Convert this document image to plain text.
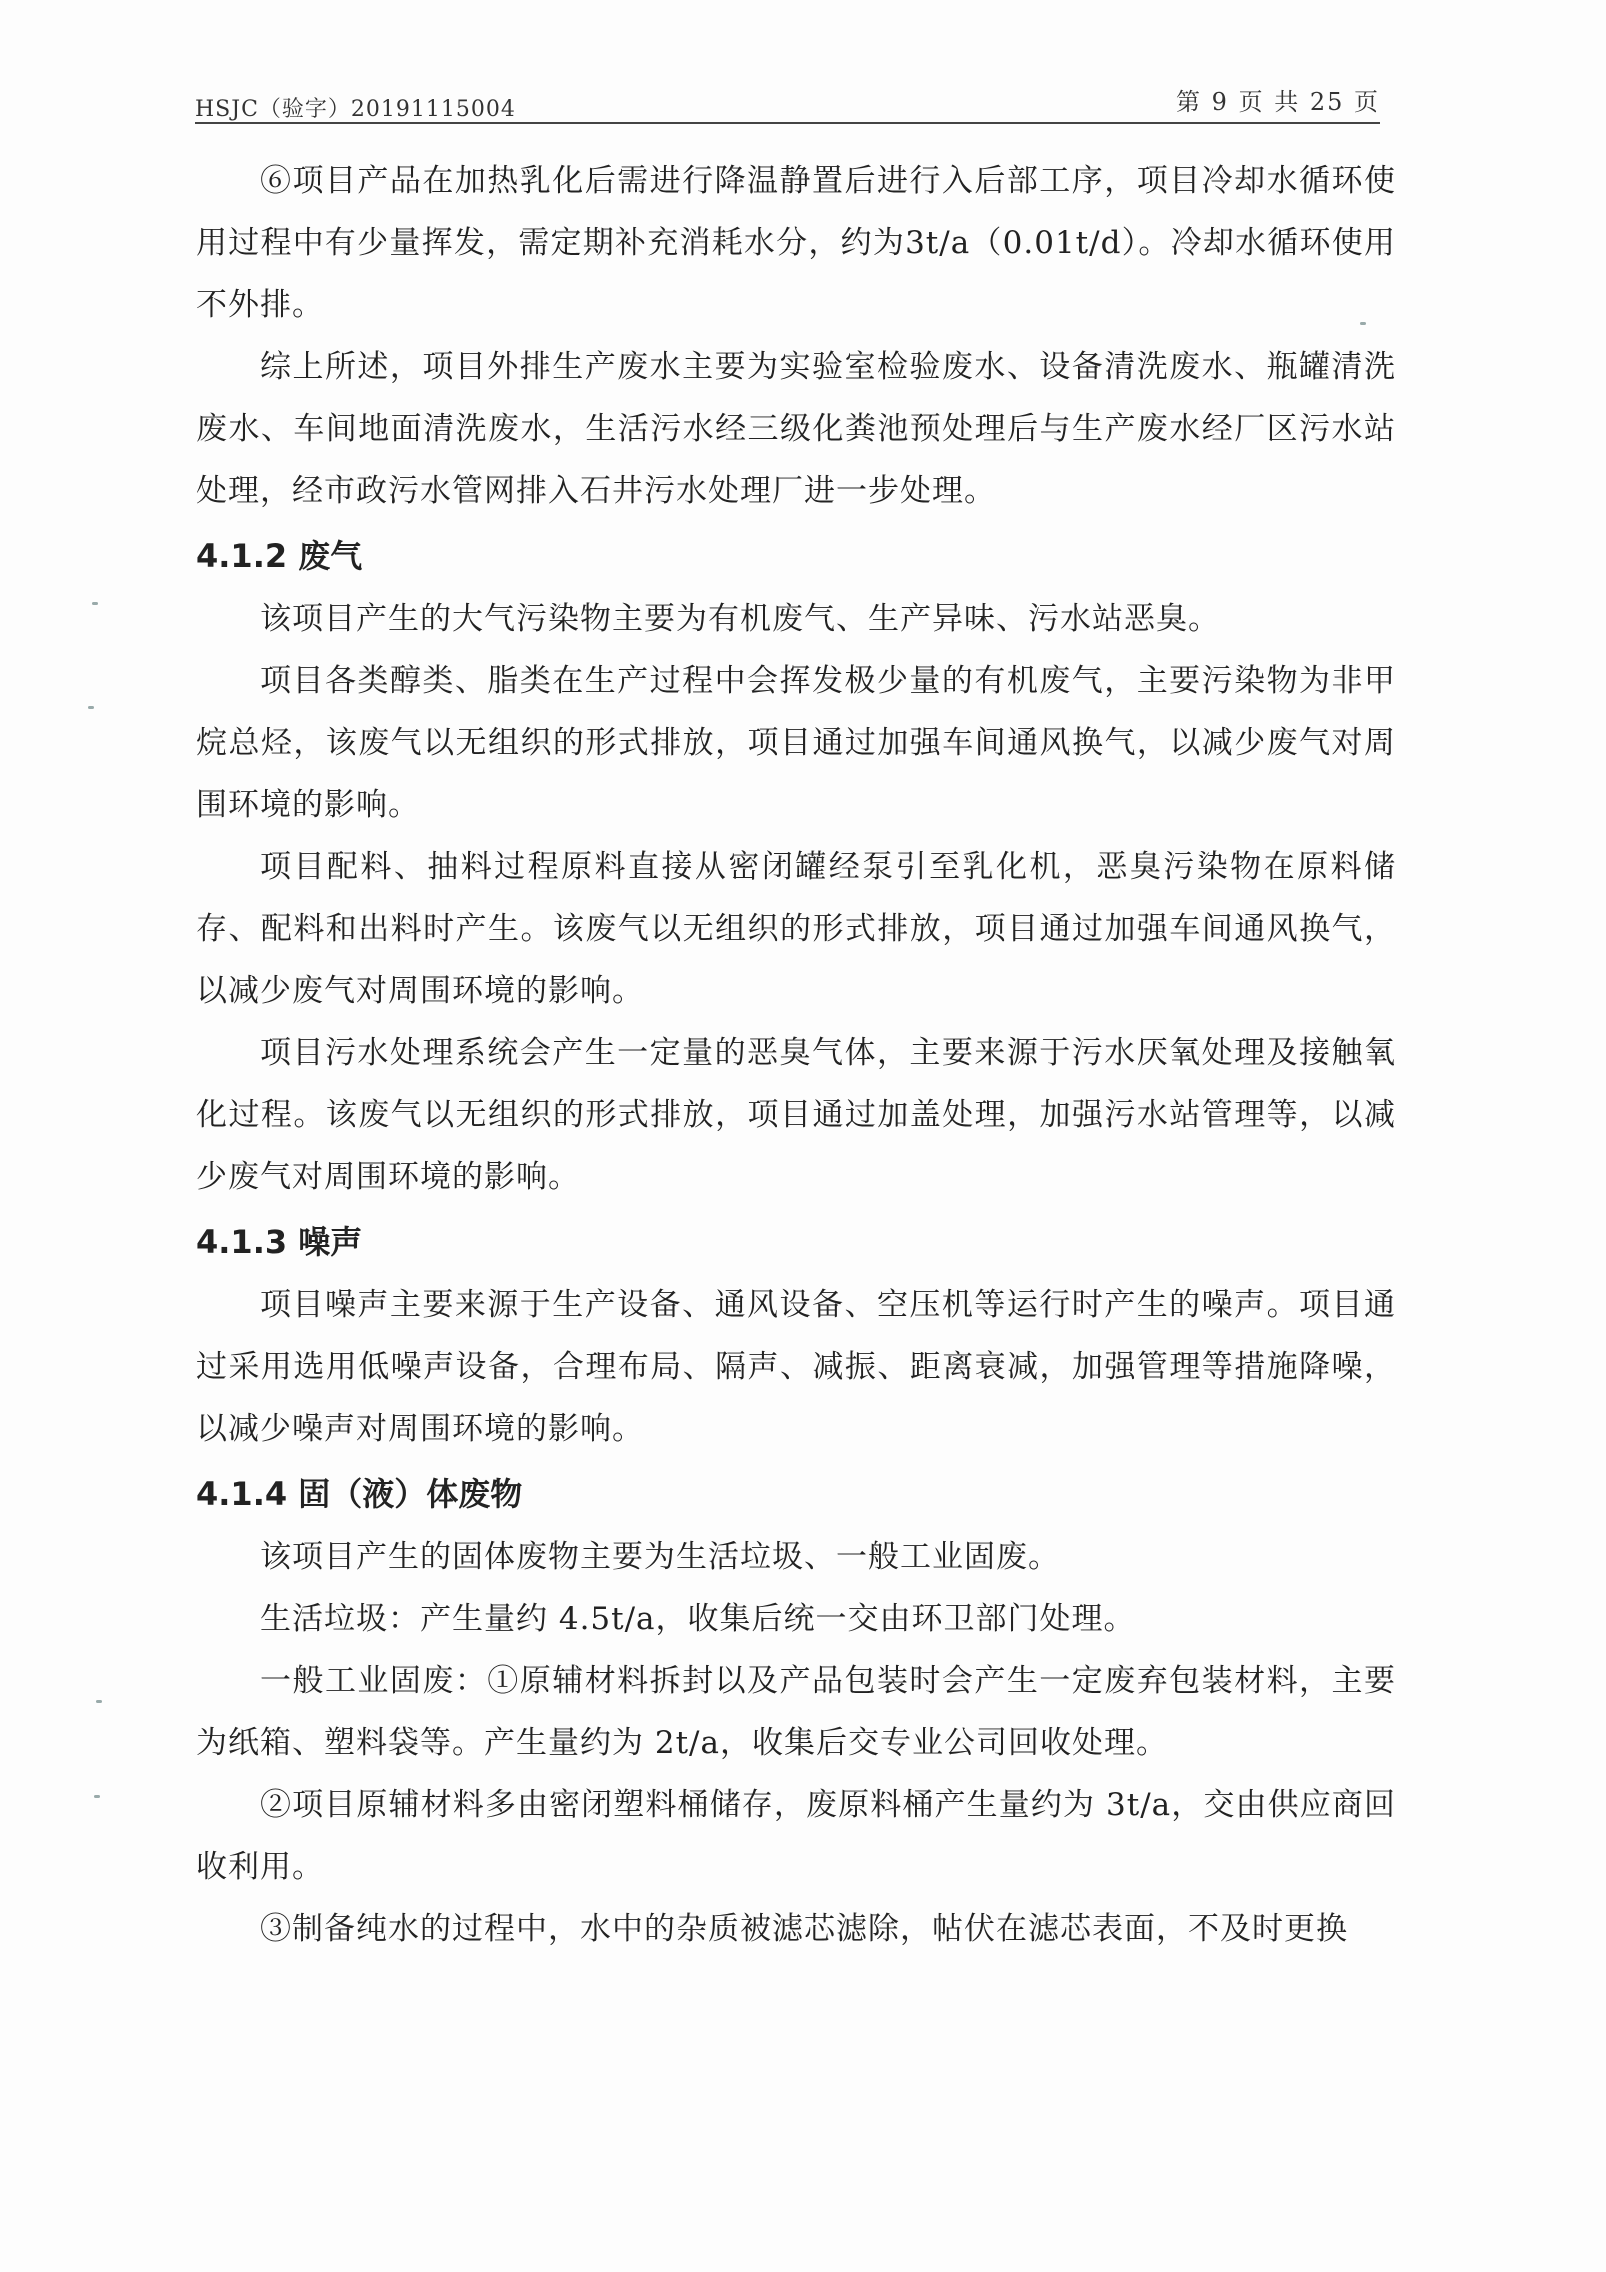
HSJC（验字）20191115004	第 9 页 共 25 页

⑥项目产品在加热乳化后需进行降温静置后进行入后部工序，项目冷却水循环使用过程中有少量挥发，需定期补充消耗水分，约为3t/a（0.01t/d）。冷却水循环使用不外排。

综上所述，项目外排生产废水主要为实验室检验废水、设备清洗废水、瓶罐清洗废水、车间地面清洗废水，生活污水经三级化粪池预处理后与生产废水经厂区污水站处理，经市政污水管网排入石井污水处理厂进一步处理。

4.1.2 废气

该项目产生的大气污染物主要为有机废气、生产异味、污水站恶臭。

项目各类醇类、脂类在生产过程中会挥发极少量的有机废气，主要污染物为非甲烷总烃，该废气以无组织的形式排放，项目通过加强车间通风换气，以减少废气对周围环境的影响。

项目配料、抽料过程原料直接从密闭罐经泵引至乳化机，恶臭污染物在原料储存、配料和出料时产生。该废气以无组织的形式排放，项目通过加强车间通风换气，以减少废气对周围环境的影响。

项目污水处理系统会产生一定量的恶臭气体，主要来源于污水厌氧处理及接触氧化过程。该废气以无组织的形式排放，项目通过加盖处理，加强污水站管理等，以减少废气对周围环境的影响。

4.1.3 噪声

项目噪声主要来源于生产设备、通风设备、空压机等运行时产生的噪声。项目通过采用选用低噪声设备，合理布局、隔声、减振、距离衰减，加强管理等措施降噪，以减少噪声对周围环境的影响。

4.1.4 固（液）体废物

该项目产生的固体废物主要为生活垃圾、一般工业固废。

生活垃圾：产生量约 4.5t/a，收集后统一交由环卫部门处理。

一般工业固废：①原辅材料拆封以及产品包装时会产生一定废弃包装材料，主要为纸箱、塑料袋等。产生量约为 2t/a，收集后交专业公司回收处理。

②项目原辅材料多由密闭塑料桶储存，废原料桶产生量约为 3t/a，交由供应商回收利用。

③制备纯水的过程中，水中的杂质被滤芯滤除，帖伏在滤芯表面，不及时更换
